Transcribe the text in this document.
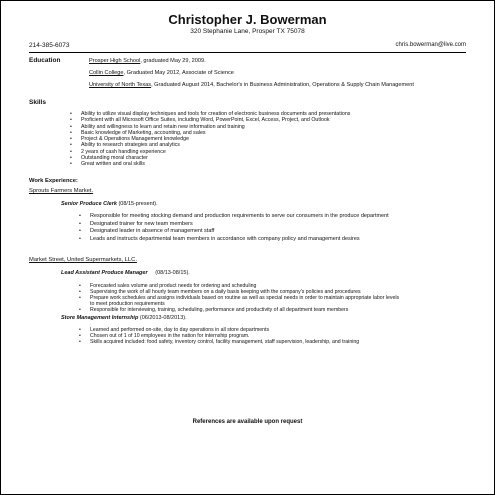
Christopher J. Bowerman
320 Stephanie Lane, Prosper TX 75078
214-385-6073	chris.bowerman@live.com
Education	Prosper High School, graduated May 29, 2009.
Collin College, Graduated May 2012, Associate of Science
University of North Texas, Graduated August 2014, Bachelor's in Business Administration, Operations & Supply Chain Management
Skills
• Ability to utilize visual display techniques and tools for creation of electronic business documents and presentations
• Proficient with all Microsoft Office Suites, including Word, PowerPoint, Excel, Access, Project, and Outlook
• Ability and willingness to learn and retain new information and training
• Basic knowledge of Marketing, accounting, and sales
• Project & Operations Management knowledge
• Ability to research strategies and analytics
• 2 years of cash handling experience
• Outstanding moral character
• Great written and oral skills
Work Experience:
Sprouts Farmers Market.
Senior Produce Clerk (08/15-present).
• Responsible for meeting stocking demand and production requirements to serve our consumers in the produce department
• Designated trainer for new team members
• Designated leader in absence of management staff
• Leads and instructs departmental team members in accordance with company policy and management desires
Market Street, United Supermarkets, LLC.
Lead Assistant Produce Manager     (08/13-08/15).
• Forecasted sales volume and product needs for ordering and scheduling
• Supervising the work of all hourly team members on a daily basis keeping with the company's policies and procedures
• Prepare work schedules and assigns individuals based on routine as well as special needs in order to maintain appropriate labor levels
to meet production requirements
• Responsible for interviewing, training, scheduling, performance and productivity of all department team members
Store Management Internship (06/2013-08/2013).
• Learned and performed on-site, day to day operations in all store departments
• Chosen out of 1 of 10 employees in the nation for internship program.
• Skills acquired included: food safety, inventory control, facility management, staff supervision, leadership, and training
References are available upon request
